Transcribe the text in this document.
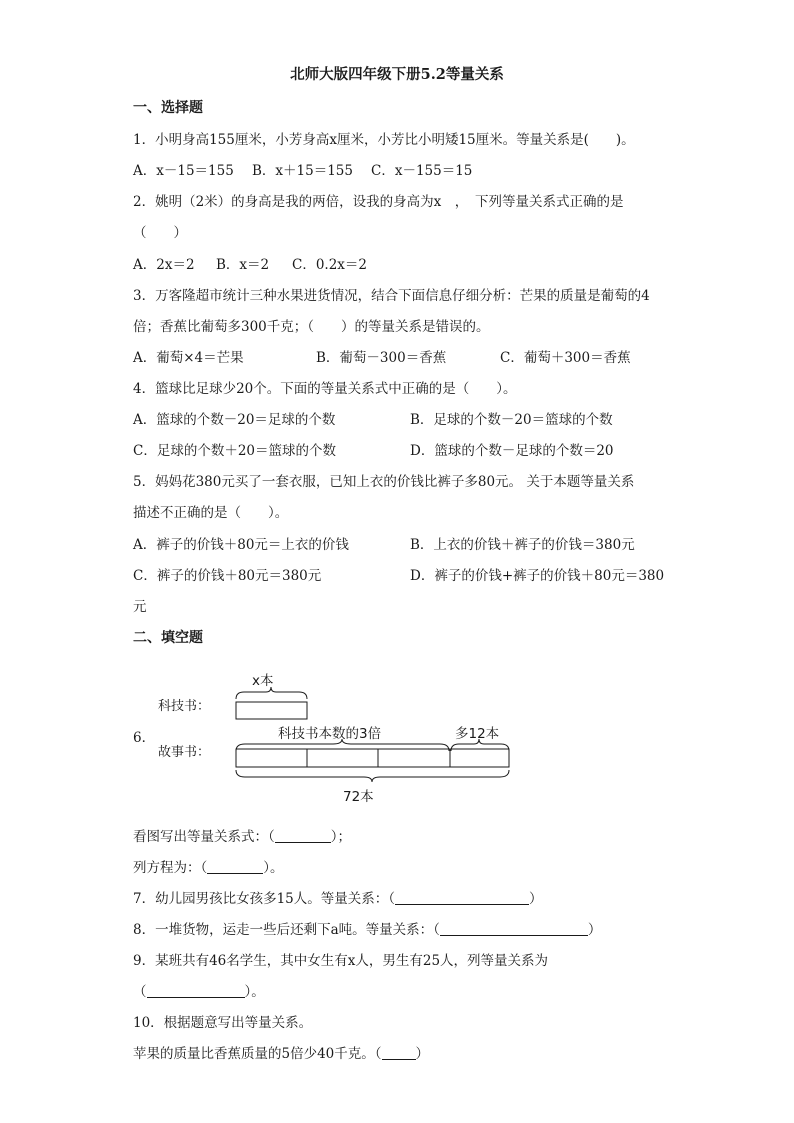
北师大版四年级下册5.2等量关系
一、选择题
1．小明身高155厘米，小芳身高x厘米，小芳比小明矮15厘米。等量关系是(　　)。
A．x－15＝155 B．x＋15＝155 C．x－155＝15
2．姚明（2米）的身高是我的两倍，设我的身高为x　，　下列等量关系式正确的是
（　　）
A．2x＝2 B．x＝2 C．0.2x＝2
3．万客隆超市统计三种水果进货情况，结合下面信息仔细分析：芒果的质量是葡萄的4
倍；香蕉比葡萄多300千克；（　　）的等量关系是错误的。
A．葡萄×4＝芒果	B．葡萄－300＝香蕉	C．葡萄＋300＝香蕉
4．篮球比足球少20个。下面的等量关系式中正确的是（　　）。
A．篮球的个数－20＝足球的个数	B．足球的个数－20＝篮球的个数
C．足球的个数＋20＝篮球的个数	D．篮球的个数－足球的个数＝20
5．妈妈花380元买了一套衣服，已知上衣的价钱比裤子多80元。 关于本题等量关系
描述不正确的是（　　）。
A．裤子的价钱＋80元＝上衣的价钱	B．上衣的价钱＋裤子的价钱＝380元
C．裤子的价钱＋80元＝380元	D．裤子的价钱+裤子的价钱＋80元＝380
元
二、填空题
6．
科技书：
故事书：
x本
科技书本数的3倍	多12本
72本
看图写出等量关系式：（	）；
列方程为：（	）。
7．幼儿园男孩比女孩多15人。等量关系：（	）
8．一堆货物，运走一些后还剩下a吨。等量关系：（	）
9．某班共有46名学生，其中女生有x人，男生有25人，列等量关系为
（	）。
10．根据题意写出等量关系。
苹果的质量比香蕉质量的5倍少40千克。（	）
